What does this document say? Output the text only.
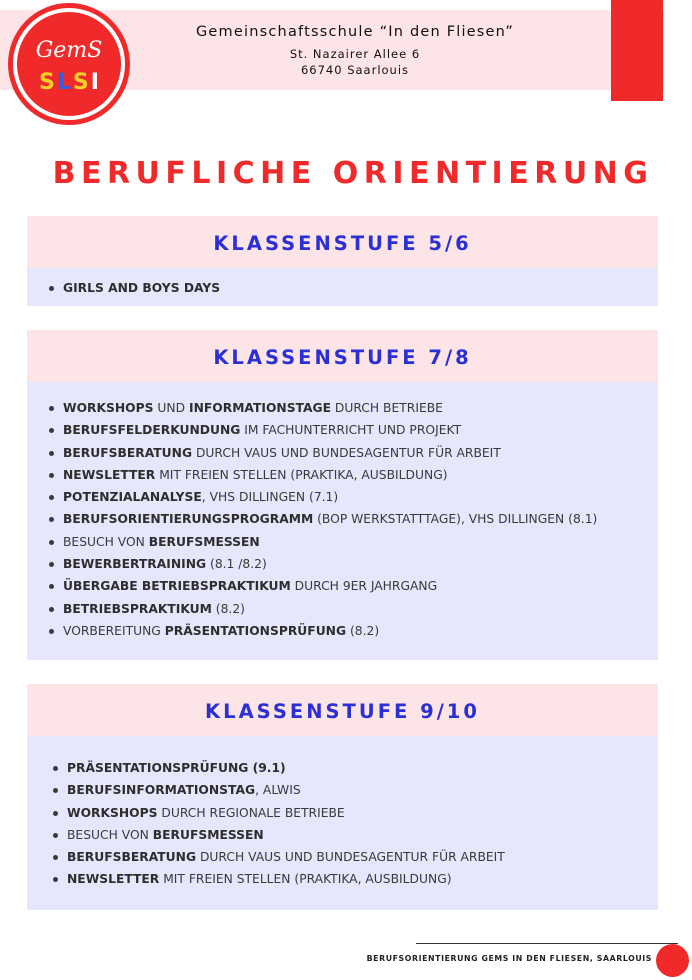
GemS
SLSI
Gemeinschaftsschule “In den Fliesen”
St. Nazairer Allee 6
66740 Saarlouis
BERUFLICHE ORIENTIERUNG
KLASSENSTUFE 5/6
GIRLS AND BOYS DAYS
KLASSENSTUFE 7/8
WORKSHOPS UND INFORMATIONSTAGE DURCH BETRIEBE
BERUFSFELDERKUNDUNG IM FACHUNTERRICHT UND PROJEKT
BERUFSBERATUNG DURCH VAUS UND BUNDESAGENTUR FÜR ARBEIT
NEWSLETTER MIT FREIEN STELLEN (PRAKTIKA, AUSBILDUNG)
POTENZIALANALYSE, VHS DILLINGEN (7.1)
BERUFSORIENTIERUNGSPROGRAMM (BOP WERKSTATTTAGE), VHS DILLINGEN (8.1)
BESUCH VON BERUFSMESSEN
BEWERBERTRAINING (8.1 /8.2)
ÜBERGABE BETRIEBSPRAKTIKUM DURCH 9ER JAHRGANG
BETRIEBSPRAKTIKUM (8.2)
VORBEREITUNG PRÄSENTATIONSPRÜFUNG (8.2)
KLASSENSTUFE 9/10
PRÄSENTATIONSPRÜFUNG (9.1)
BERUFSINFORMATIONSTAG, ALWIS
WORKSHOPS DURCH REGIONALE BETRIEBE
BESUCH VON BERUFSMESSEN
BERUFSBERATUNG DURCH VAUS UND BUNDESAGENTUR FÜR ARBEIT
NEWSLETTER MIT FREIEN STELLEN (PRAKTIKA, AUSBILDUNG)
BERUFSORIENTIERUNG GEMS IN DEN FLIESEN, SAARLOUIS
